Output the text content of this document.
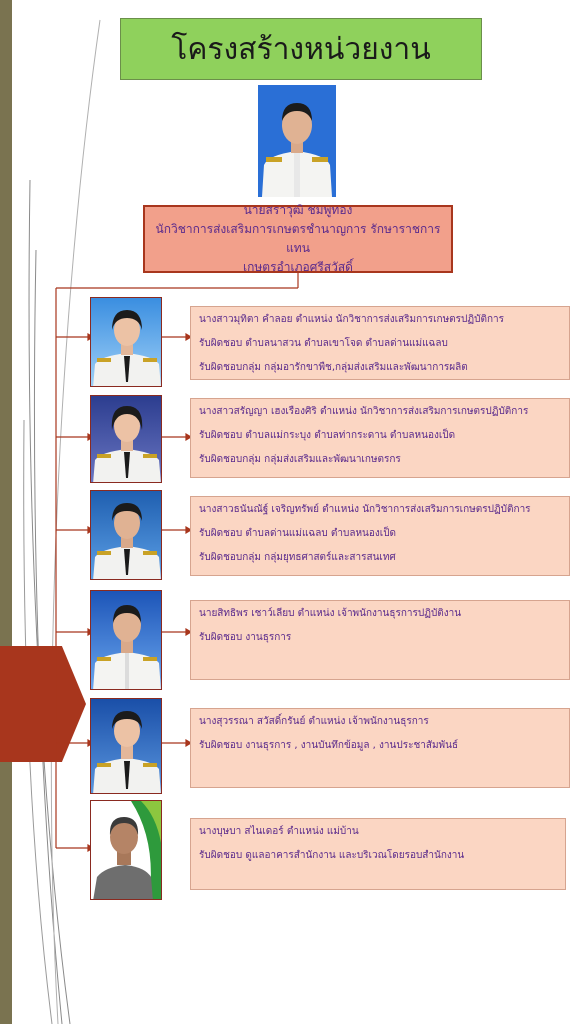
โครงสร้างหน่วยงาน
นายสราวุฒิ ชมพูทอง
นักวิชาการส่งเสริมการเกษตรชำนาญการ รักษาราชการแทน
เกษตรอำเภอศรีสวัสดิ์
นางสาวมุทิตา คำลอย ตำแหน่ง นักวิชาการส่งเสริมการเกษตรปฏิบัติการ
รับผิดชอบ ตำบลนาสวน ตำบลเขาโจด ตำบลด่านแม่แฉลบ
รับผิดชอบกลุ่ม กลุ่มอารักขาพืช,กลุ่มส่งเสริมและพัฒนาการผลิต
นางสาวสรัญญา เฮงเรืองศิริ ตำแหน่ง นักวิชาการส่งเสริมการเกษตรปฏิบัติการ
รับผิดชอบ ตำบลแม่กระบุง ตำบลท่ากระดาน ตำบลหนองเป็ด
รับผิดชอบกลุ่ม กลุ่มส่งเสริมและพัฒนาเกษตรกร
นางสาวธนันณัฐ์ เจริญทรัพย์ ตำแหน่ง นักวิชาการส่งเสริมการเกษตรปฏิบัติการ
รับผิดชอบ ตำบลด่านแม่แฉลบ ตำบลหนองเป็ด
รับผิดชอบกลุ่ม กลุ่มยุทธศาสตร์และสารสนเทศ
นายสิทธิพร เชาว์เลียบ ตำแหน่ง เจ้าพนักงานธุรการปฏิบัติงาน
รับผิดชอบ งานธุรการ
นางสุวรรณา สวัสดิ์กรันย์ ตำแหน่ง เจ้าพนักงานธุรการ
รับผิดชอบ งานธุรการ , งานบันทึกข้อมูล , งานประชาสัมพันธ์
นางบุษบา สไนเดอร์ ตำแหน่ง แม่บ้าน
รับผิดชอบ ดูแลอาคารสำนักงาน และบริเวณโดยรอบสำนักงาน
